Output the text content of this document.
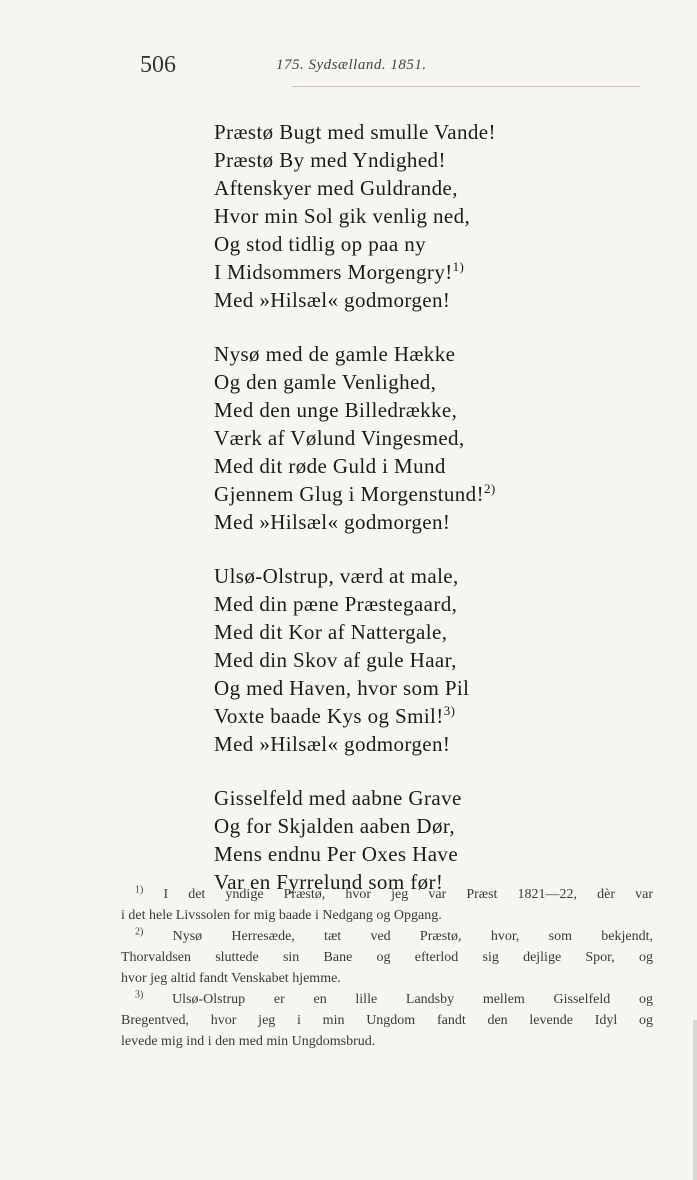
506	175. Sydsælland. 1851.
Præstø Bugt med smulle Vande!
Præstø By med Yndighed!
Aftenskyer med Guldrande,
Hvor min Sol gik venlig ned,
Og stod tidlig op paa ny
I Midsommers Morgengry!$^{1)}$
Med »Hilsæl« godmorgen!
Nysø med de gamle Hække
Og den gamle Venlighed,
Med den unge Billedrække,
Værk af Vølund Vingesmed,
Med dit røde Guld i Mund
Gjennem Glug i Morgenstund!$^{2)}$
Med »Hilsæl« godmorgen!
Ulsø-Olstrup, værd at male,
Med din pæne Præstegaard,
Med dit Kor af Nattergale,
Med din Skov af gule Haar,
Og med Haven, hvor som Pil
Voxte baade Kys og Smil!$^{3)}$
Med »Hilsæl« godmorgen!
Gisselfeld med aabne Grave
Og for Skjalden aaben Dør,
Mens endnu Per Oxes Have
Var en Fyrrelund som før!
$^{1)}$ I det yndige Præstø, hvor jeg var Præst 1821—22, dèr var
i det hele Livssolen for mig baade i Nedgang og Opgang.
$^{2)}$ Nysø Herresæde, tæt ved Præstø, hvor, som bekjendt,
Thorvaldsen sluttede sin Bane og efterlod sig dejlige Spor, og
hvor jeg altid fandt Venskabet hjemme.
$^{3)}$ Ulsø-Olstrup er en lille Landsby mellem Gisselfeld og
Bregentved, hvor jeg i min Ungdom fandt den levende Idyl og
levede mig ind i den med min Ungdomsbrud.
